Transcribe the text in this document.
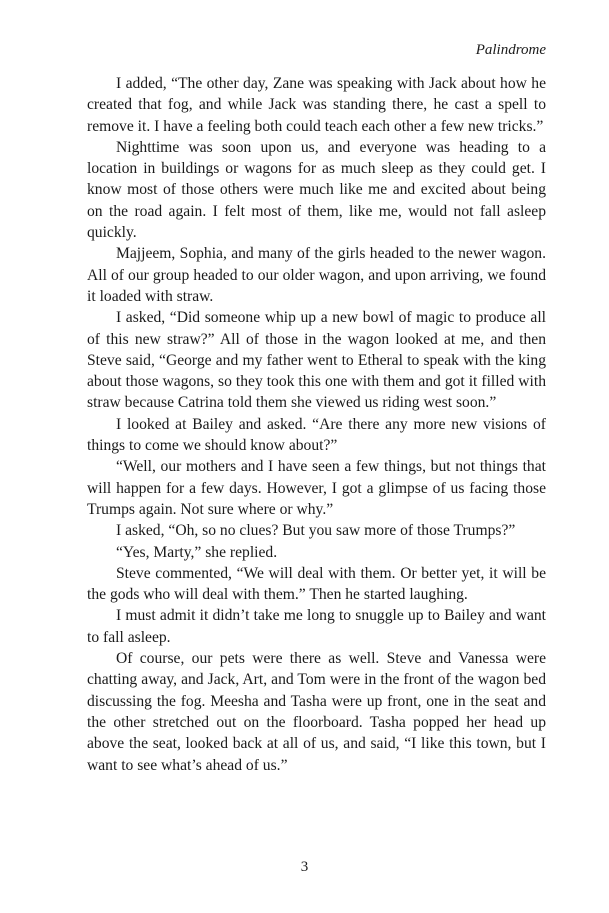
Palindrome

I added, “The other day, Zane was speaking with Jack about how he created that fog, and while Jack was standing there, he cast a spell to remove it. I have a feeling both could teach each other a few new tricks.”

Nighttime was soon upon us, and everyone was heading to a location in buildings or wagons for as much sleep as they could get. I know most of those others were much like me and excited about being on the road again. I felt most of them, like me, would not fall asleep quickly.

Majjeem, Sophia, and many of the girls headed to the newer wagon. All of our group headed to our older wagon, and upon arriving, we found it loaded with straw.

I asked, “Did someone whip up a new bowl of magic to produce all of this new straw?” All of those in the wagon looked at me, and then Steve said, “George and my father went to Etheral to speak with the king about those wagons, so they took this one with them and got it filled with straw because Catrina told them she viewed us riding west soon.”

I looked at Bailey and asked. “Are there any more new visions of things to come we should know about?”

“Well, our mothers and I have seen a few things, but not things that will happen for a few days. However, I got a glimpse of us facing those Trumps again. Not sure where or why.”

I asked, “Oh, so no clues? But you saw more of those Trumps?”

“Yes, Marty,” she replied.

Steve commented, “We will deal with them. Or better yet, it will be the gods who will deal with them.” Then he started laughing.

I must admit it didn’t take me long to snuggle up to Bailey and want to fall asleep.

Of course, our pets were there as well. Steve and Vanessa were chatting away, and Jack, Art, and Tom were in the front of the wagon bed discussing the fog. Meesha and Tasha were up front, one in the seat and the other stretched out on the floorboard. Tasha popped her head up above the seat, looked back at all of us, and said, “I like this town, but I want to see what’s ahead of us.”

3
